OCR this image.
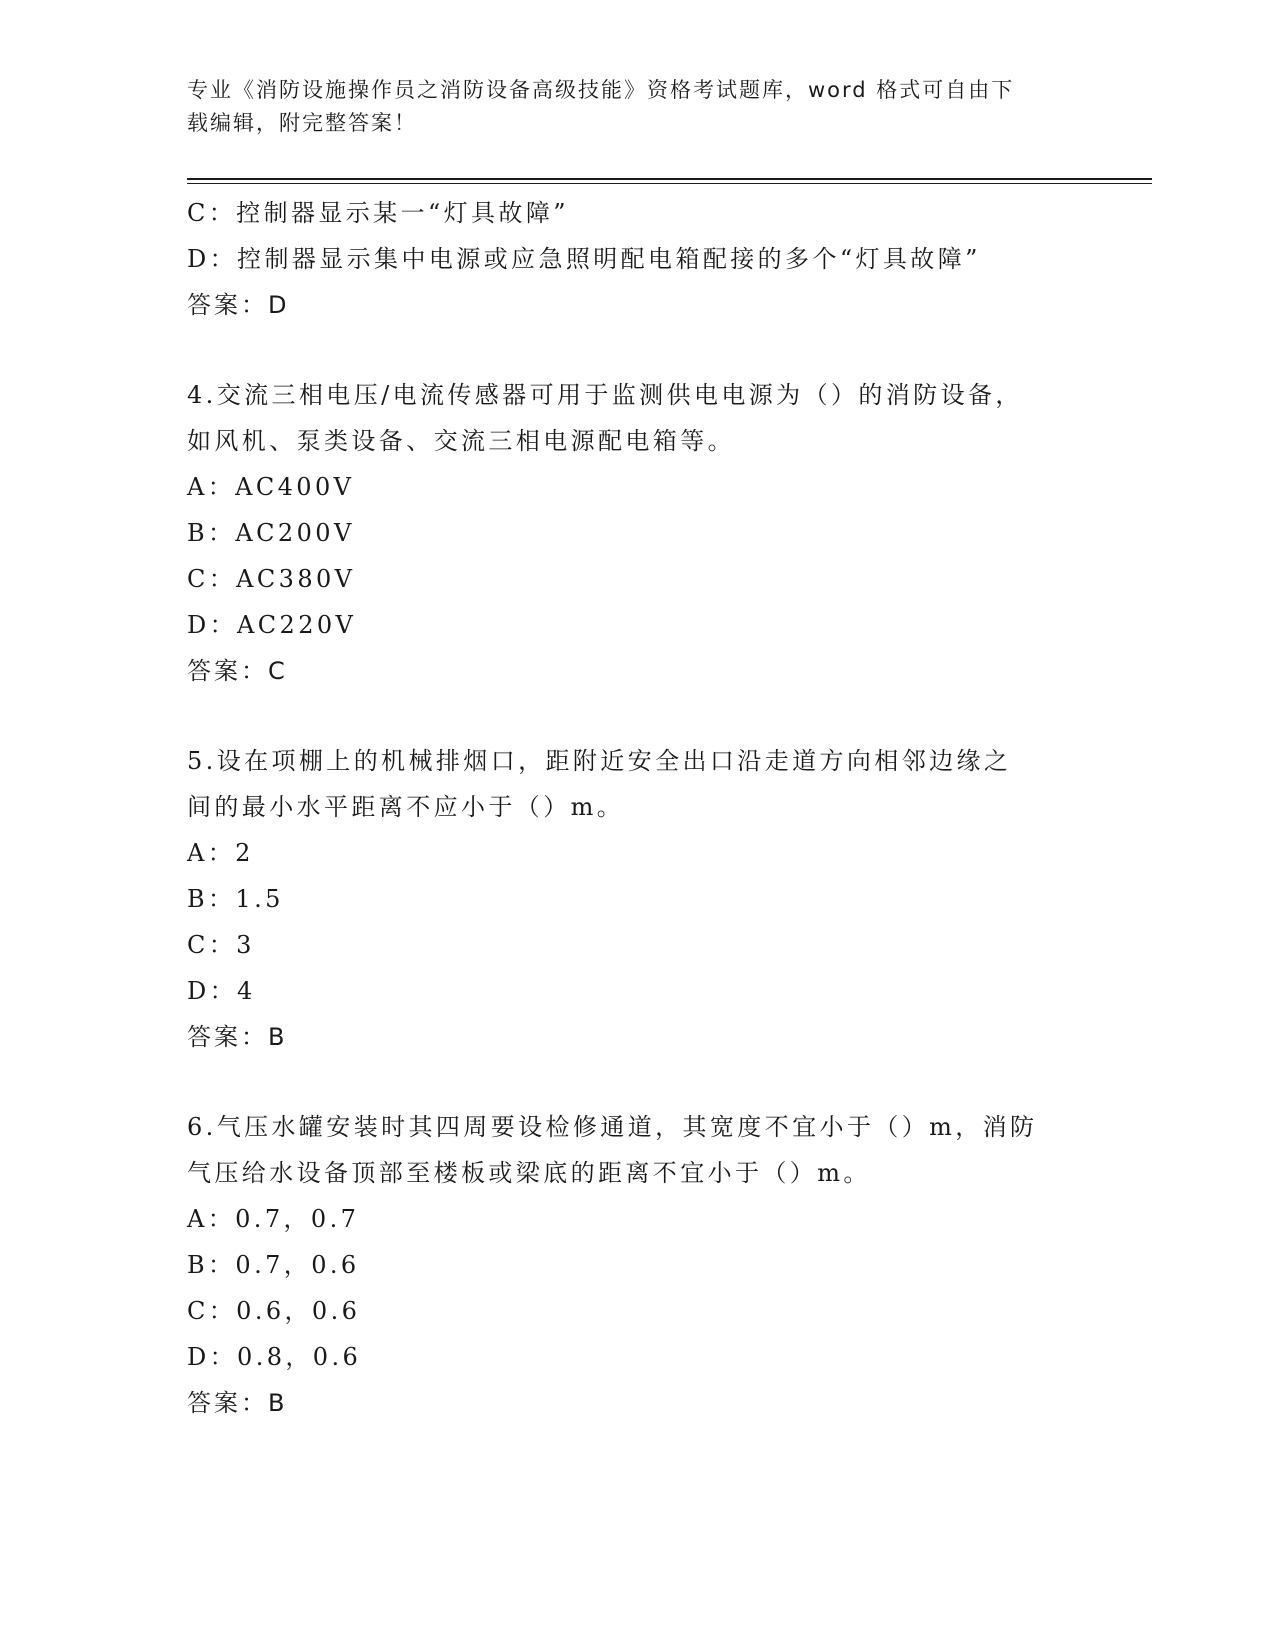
专业《消防设施操作员之消防设备高级技能》资格考试题库，word 格式可自由下
载编辑，附完整答案！
C：控制器显示某一“灯具故障”
D：控制器显示集中电源或应急照明配电箱配接的多个“灯具故障”
答案：D
4.交流三相电压/电流传感器可用于监测供电电源为（）的消防设备，
如风机、泵类设备、交流三相电源配电箱等。
A：AC400V
B：AC200V
C：AC380V
D：AC220V
答案：C
5.设在项棚上的机械排烟口，距附近安全出口沿走道方向相邻边缘之
间的最小水平距离不应小于（）m。
A：2
B：1.5
C：3
D：4
答案：B
6.气压水罐安装时其四周要设检修通道，其宽度不宜小于（）m，消防
气压给水设备顶部至楼板或梁底的距离不宜小于（）m。
A：0.7，0.7
B：0.7，0.6
C：0.6，0.6
D：0.8，0.6
答案：B
